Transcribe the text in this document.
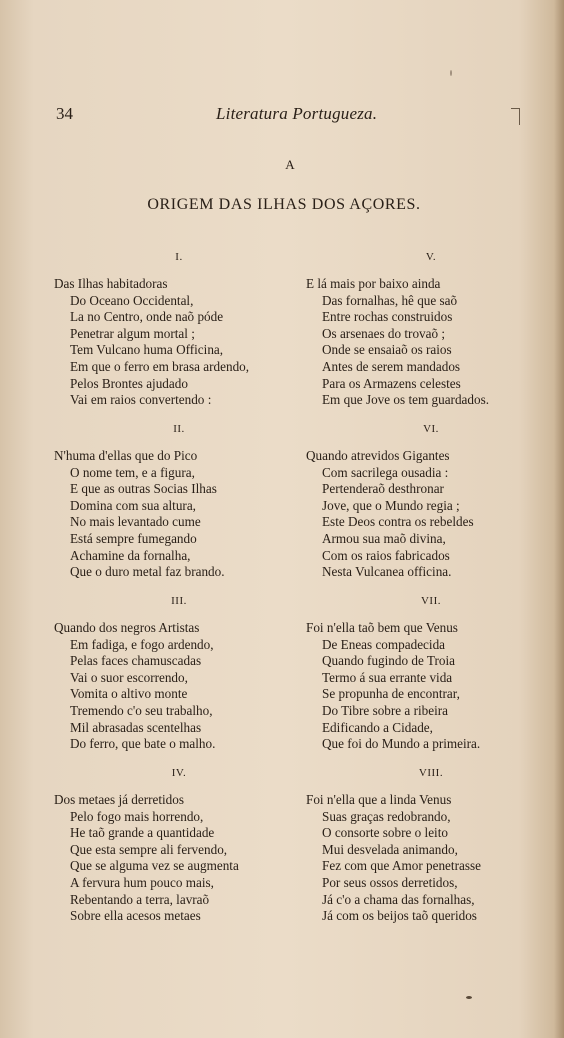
34	Literatura Portugueza.
A
ORIGEM DAS ILHAS DOS AÇORES.
I.
Das Ilhas habitadoras
Do Oceano Occidental,
La no Centro, onde naõ póde
Penetrar algum mortal ;
Tem Vulcano huma Officina,
Em que o ferro em brasa ardendo,
Pelos Brontes ajudado
Vai em raios convertendo :
II.
N'huma d'ellas que do Pico
O nome tem, e a figura,
E que as outras Socias Ilhas
Domina com sua altura,
No mais levantado cume
Está sempre fumegando
Achamine da fornalha,
Que o duro metal faz brando.
III.
Quando dos negros Artistas
Em fadiga, e fogo ardendo,
Pelas faces chamuscadas
Vai o suor escorrendo,
Vomita o altivo monte
Tremendo c'o seu trabalho,
Mil abrasadas scentelhas
Do ferro, que bate o malho.
IV.
Dos metaes já derretidos
Pelo fogo mais horrendo,
He taõ grande a quantidade
Que esta sempre ali fervendo,
Que se alguma vez se augmenta
A fervura hum pouco mais,
Rebentando a terra, lavraõ
Sobre ella acesos metaes
V.
E lá mais por baixo ainda
Das fornalhas, hê que saõ
Entre rochas construidos
Os arsenaes do trovaõ ;
Onde se ensaiaõ os raios
Antes de serem mandados
Para os Armazens celestes
Em que Jove os tem guardados.
VI.
Quando atrevidos Gigantes
Com sacrilega ousadia :
Pertenderaõ desthronar
Jove, que o Mundo regia ;
Este Deos contra os rebeldes
Armou sua maõ divina,
Com os raios fabricados
Nesta Vulcanea officina.
VII.
Foi n'ella taõ bem que Venus
De Eneas compadecida
Quando fugindo de Troia
Termo á sua errante vida
Se propunha de encontrar,
Do Tibre sobre a ribeira
Edificando a Cidade,
Que foi do Mundo a primeira.
VIII.
Foi n'ella que a linda Venus
Suas graças redobrando,
O consorte sobre o leito
Mui desvelada animando,
Fez com que Amor penetrasse
Por seus ossos derretidos,
Já c'o a chama das fornalhas,
Já com os beijos taõ queridos
